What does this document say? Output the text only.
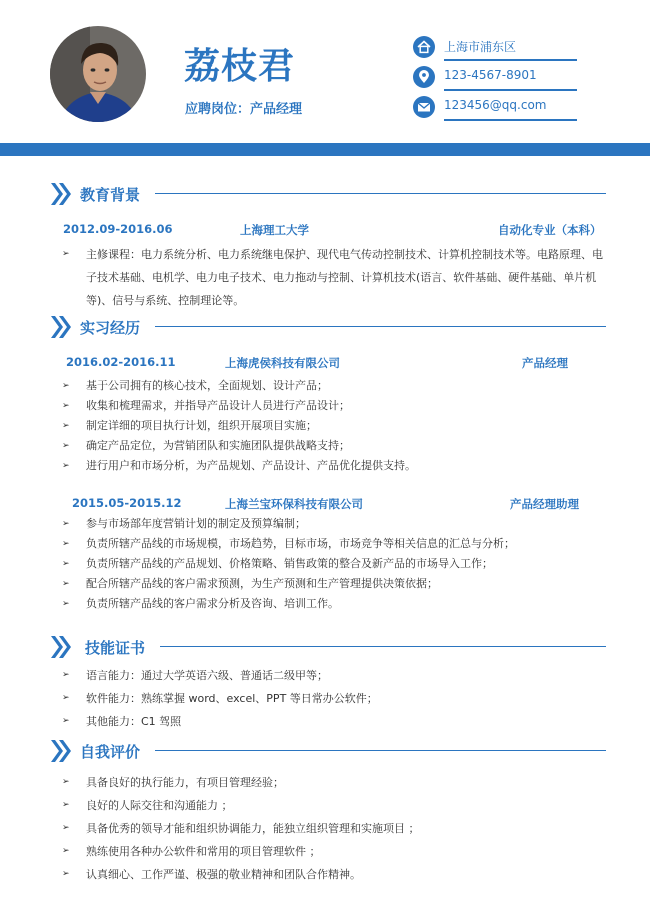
荔枝君
应聘岗位：产品经理
上海市浦东区
123-4567-8901
123456@qq.com
教育背景
2012.09-2016.06	上海理工大学	自动化专业（本科）
➢	主修课程：电力系统分析、电力系统继电保护、现代电气传动控制技术、计算机控制技术等。电路原理、电子技术基础、电机学、电力电子技术、电力拖动与控制、计算机技术(语言、软件基础、硬件基础、单片机等)、信号与系统、控制理论等。
实习经历
2016.02-2016.11	上海虎侯科技有限公司	产品经理
➢ 基于公司拥有的核心技术，全面规划、设计产品；
➢ 收集和梳理需求，并指导产品设计人员进行产品设计；
➢ 制定详细的项目执行计划，组织开展项目实施；
➢ 确定产品定位，为营销团队和实施团队提供战略支持；
➢ 进行用户和市场分析，为产品规划、产品设计、产品优化提供支持。
2015.05-2015.12	上海兰宝环保科技有限公司	产品经理助理
➢ 参与市场部年度营销计划的制定及预算编制；
➢ 负责所辖产品线的市场规模，市场趋势，目标市场，市场竞争等相关信息的汇总与分析；
➢ 负责所辖产品线的产品规划、价格策略、销售政策的整合及新产品的市场导入工作；
➢ 配合所辖产品线的客户需求预测，为生产预测和生产管理提供决策依据；
➢ 负责所辖产品线的客户需求分析及咨询、培训工作。
技能证书
➢ 语言能力：通过大学英语六级、普通话二级甲等；
➢ 软件能力：熟练掌握 word、excel、PPT 等日常办公软件；
➢ 其他能力：C1 驾照
自我评价
➢ 具备良好的执行能力，有项目管理经验；
➢ 良好的人际交往和沟通能力 ；
➢ 具备优秀的领导才能和组织协调能力，能独立组织管理和实施项目 ；
➢ 熟练使用各种办公软件和常用的项目管理软件 ；
➢ 认真细心、工作严谨、极强的敬业精神和团队合作精神。
